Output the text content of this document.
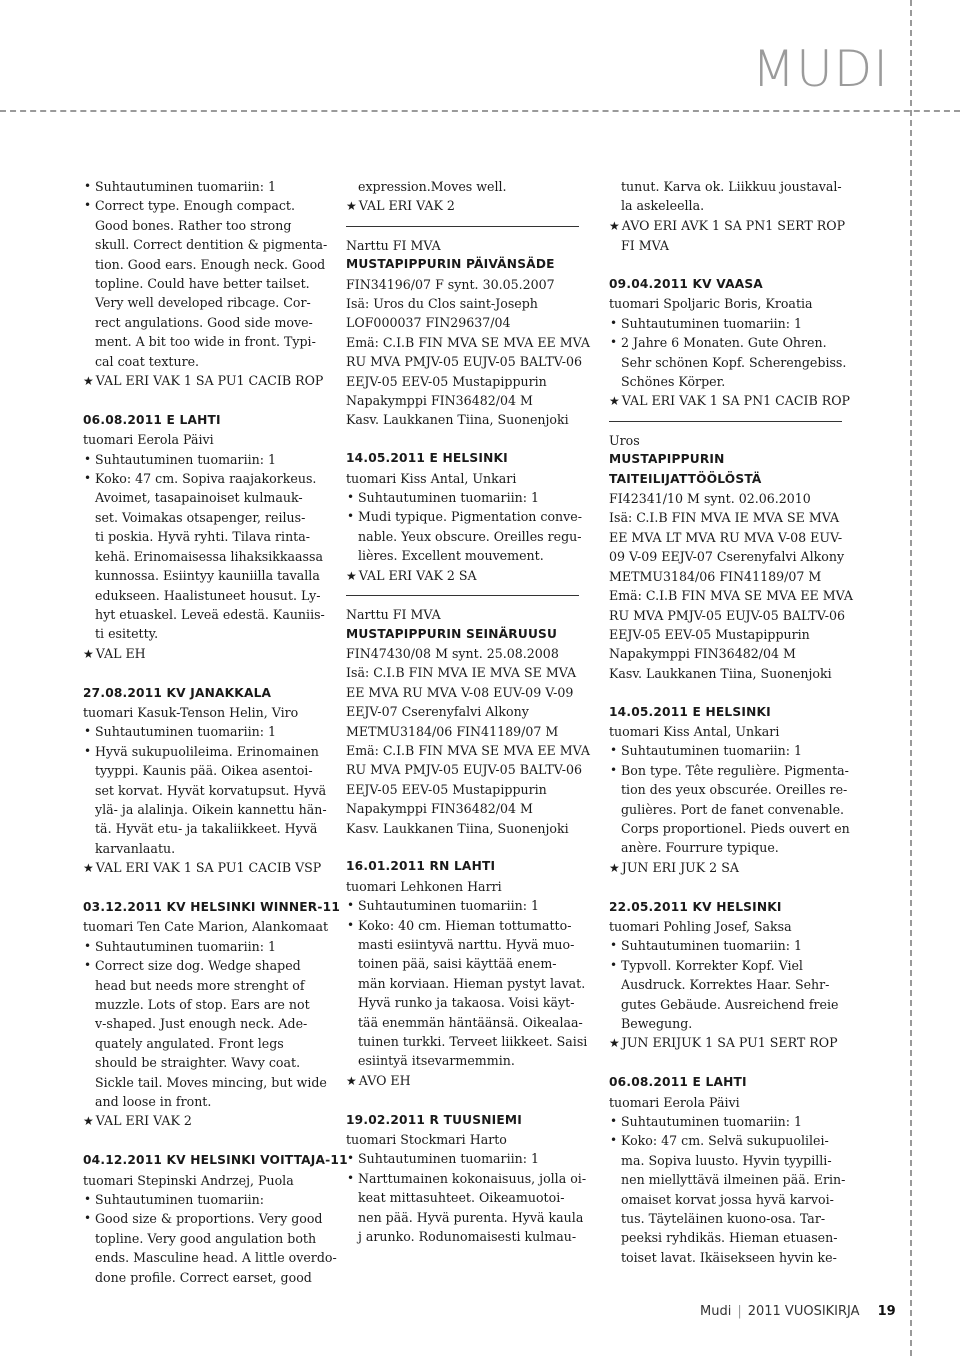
MUDI
• Suhtautuminen tuomariin: 1
• Correct type. Enough compact.
Good bones. Rather too strong
skull. Correct dentition & pigmenta-
tion. Good ears. Enough neck. Good
topline. Could have better tailset.
Very well developed ribcage. Cor-
rect angulations. Good side move-
ment. A bit too wide in front. Typi-
cal coat texture.
★ VAL ERI VAK 1 SA PU1 CACIB ROP
06.08.2011 E LAHTI
tuomari Eerola Päivi
• Suhtautuminen tuomariin: 1
• Koko: 47 cm. Sopiva raajakorkeus.
Avoimet, tasapainoiset kulmauk-
set. Voimakas otsapenger, reilus-
ti poskia. Hyvä ryhti. Tilava rinta-
kehä. Erinomaisessa lihaksikkaassa
kunnossa. Esiintyy kauniilla tavalla
edukseen. Haalistuneet housut. Ly-
hyt etuaskel. Leveä edestä. Kauniis-
ti esitetty.
★ VAL EH
27.08.2011 KV JANAKKALA
tuomari Kasuk-Tenson Helin, Viro
• Suhtautuminen tuomariin: 1
• Hyvä sukupuolileima. Erinomainen
tyyppi. Kaunis pää. Oikea asentoi-
set korvat. Hyvät korvatupsut. Hyvä
ylä- ja alalinja. Oikein kannettu hän-
tä. Hyvät etu- ja takaliikkeet. Hyvä
karvanlaatu.
★ VAL ERI VAK 1 SA PU1 CACIB VSP
03.12.2011 KV HELSINKI WINNER-11
tuomari Ten Cate Marion, Alankomaat
• Suhtautuminen tuomariin: 1
• Correct size dog. Wedge shaped
head but needs more strenght of
muzzle. Lots of stop. Ears are not
v-shaped. Just enough neck. Ade-
quately angulated. Front legs
should be straighter. Wavy coat.
Sickle tail. Moves mincing, but wide
and loose in front.
★ VAL ERI VAK 2
04.12.2011 KV HELSINKI VOITTAJA-11
tuomari Stepinski Andrzej, Puola
• Suhtautuminen tuomariin:
• Good size & proportions. Very good
topline. Very good angulation both
ends. Masculine head. A little overdo-
done profile. Correct earset, good
expression.Moves well.
★ VAL ERI VAK 2
Narttu FI MVA
MUSTAPIPPURIN PÄIVÄNSÄDE
FIN34196/07 F synt. 30.05.2007
Isä: Uros du Clos saint-Joseph
LOF000037 FIN29637/04
Emä: C.I.B FIN MVA SE MVA EE MVA
RU MVA PMJV-05 EUJV-05 BALTV-06
EEJV-05 EEV-05 Mustapippurin
Napakymppi FIN36482/04 M
Kasv. Laukkanen Tiina, Suonenjoki
14.05.2011 E HELSINKI
tuomari Kiss Antal, Unkari
• Suhtautuminen tuomariin: 1
• Mudi typique. Pigmentation conve-
nable. Yeux obscure. Oreilles regu-
lières. Excellent mouvement.
★ VAL ERI VAK 2 SA
Narttu FI MVA
MUSTAPIPPURIN SEINÄRUUSU
FIN47430/08 M synt. 25.08.2008
Isä: C.I.B FIN MVA IE MVA SE MVA
EE MVA RU MVA V-08 EUV-09 V-09
EEJV-07 Cserenyfalvi Alkony
METMU3184/06 FIN41189/07 M
Emä: C.I.B FIN MVA SE MVA EE MVA
RU MVA PMJV-05 EUJV-05 BALTV-06
EEJV-05 EEV-05 Mustapippurin
Napakymppi FIN36482/04 M
Kasv. Laukkanen Tiina, Suonenjoki
16.01.2011 RN LAHTI
tuomari Lehkonen Harri
• Suhtautuminen tuomariin: 1
• Koko: 40 cm. Hieman tottumatto-
masti esiintyvä narttu. Hyvä muo-
toinen pää, saisi käyttää enem-
män korviaan. Hieman pystyt lavat.
Hyvä runko ja takaosa. Voisi käyt-
tää enemmän häntäänsä. Oikealaa-
tuinen turkki. Terveet liikkeet. Saisi
esiintyä itsevarmemmin.
★ AVO EH
19.02.2011 R TUUSNIEMI
tuomari Stockmari Harto
• Suhtautuminen tuomariin: 1
• Narttumainen kokonaisuus, jolla oi-
keat mittasuhteet. Oikeamuotoi-
nen pää. Hyvä purenta. Hyvä kaula
j arunko. Rodunomaisesti kulmau-
tunut. Karva ok. Liikkuu joustaval-
la askeleella.
★ AVO ERI AVK 1 SA PN1 SERT ROP
FI MVA
09.04.2011 KV VAASA
tuomari Spoljaric Boris, Kroatia
• Suhtautuminen tuomariin: 1
• 2 Jahre 6 Monaten. Gute Ohren.
Sehr schönen Kopf. Scherengebiss.
Schönes Körper.
★ VAL ERI VAK 1 SA PN1 CACIB ROP
Uros
MUSTAPIPPURIN
TAITEILIJATTÖÖLÖSTÄ
FI42341/10 M synt. 02.06.2010
Isä: C.I.B FIN MVA IE MVA SE MVA
EE MVA LT MVA RU MVA V-08 EUV-
09 V-09 EEJV-07 Cserenyfalvi Alkony
METMU3184/06 FIN41189/07 M
Emä: C.I.B FIN MVA SE MVA EE MVA
RU MVA PMJV-05 EUJV-05 BALTV-06
EEJV-05 EEV-05 Mustapippurin
Napakymppi FIN36482/04 M
Kasv. Laukkanen Tiina, Suonenjoki
14.05.2011 E HELSINKI
tuomari Kiss Antal, Unkari
• Suhtautuminen tuomariin: 1
• Bon type. Tête regulière. Pigmenta-
tion des yeux obscurée. Oreilles re-
gulières. Port de fanet convenable.
Corps proportionel. Pieds ouvert en
anère. Fourrure typique.
★ JUN ERI JUK 2 SA
22.05.2011 KV HELSINKI
tuomari Pohling Josef, Saksa
• Suhtautuminen tuomariin: 1
• Typvoll. Korrekter Kopf. Viel
Ausdruck. Korrektes Haar. Sehr-
gutes Gebäude. Ausreichend freie
Bewegung.
★ JUN ERIJUK 1 SA PU1 SERT ROP
06.08.2011 E LAHTI
tuomari Eerola Päivi
• Suhtautuminen tuomariin: 1
• Koko: 47 cm. Selvä sukupuolilei-
ma. Sopiva luusto. Hyvin tyypilli-
nen miellyttävä ilmeinen pää. Erin-
omaiset korvat jossa hyvä karvoi-
tus. Täyteläinen kuono-osa. Tar-
peeksi ryhdikäs. Hieman etuasen-
toiset lavat. Ikäisekseen hyvin ke-
Mudi | 2011 VUOSIKIRJA 19
